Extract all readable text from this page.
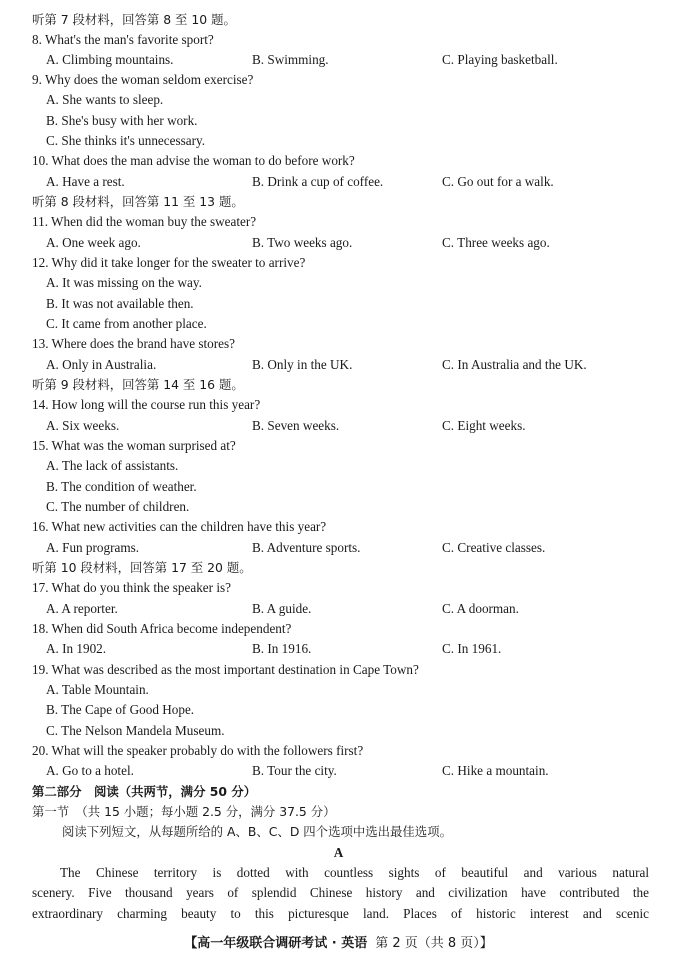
听第 7 段材料，回答第 8 至 10 题。
8. What's the man's favorite sport?
A. Climbing mountains.	B. Swimming.	C. Playing basketball.
9. Why does the woman seldom exercise?
A. She wants to sleep.
B. She's busy with her work.
C. She thinks it's unnecessary.
10. What does the man advise the woman to do before work?
A. Have a rest.	B. Drink a cup of coffee.	C. Go out for a walk.
听第 8 段材料，回答第 11 至 13 题。
11. When did the woman buy the sweater?
A. One week ago.	B. Two weeks ago.	C. Three weeks ago.
12. Why did it take longer for the sweater to arrive?
A. It was missing on the way.
B. It was not available then.
C. It came from another place.
13. Where does the brand have stores?
A. Only in Australia.	B. Only in the UK.	C. In Australia and the UK.
听第 9 段材料，回答第 14 至 16 题。
14. How long will the course run this year?
A. Six weeks.	B. Seven weeks.	C. Eight weeks.
15. What was the woman surprised at?
A. The lack of assistants.
B. The condition of weather.
C. The number of children.
16. What new activities can the children have this year?
A. Fun programs.	B. Adventure sports.	C. Creative classes.
听第 10 段材料，回答第 17 至 20 题。
17. What do you think the speaker is?
A. A reporter.	B. A guide.	C. A doorman.
18. When did South Africa become independent?
A. In 1902.	B. In 1916.	C. In 1961.
19. What was described as the most important destination in Cape Town?
A. Table Mountain.
B. The Cape of Good Hope.
C. The Nelson Mandela Museum.
20. What will the speaker probably do with the followers first?
A. Go to a hotel.	B. Tour the city.	C. Hike a mountain.
第二部分　阅读（共两节，满分 50 分）
第一节　（共 15 小题；每小题 2.5 分，满分 37.5 分）
阅读下列短文，从每题所给的 A、B、C、D 四个选项中选出最佳选项。
A
The Chinese territory is dotted with countless sights of beautiful and various natural
scenery. Five thousand years of splendid Chinese history and civilization have contributed the
extraordinary charming beauty to this picturesque land. Places of historic interest and scenic
【高一年级联合调研考试 · 英语 第 2 页（共 8 页）】
